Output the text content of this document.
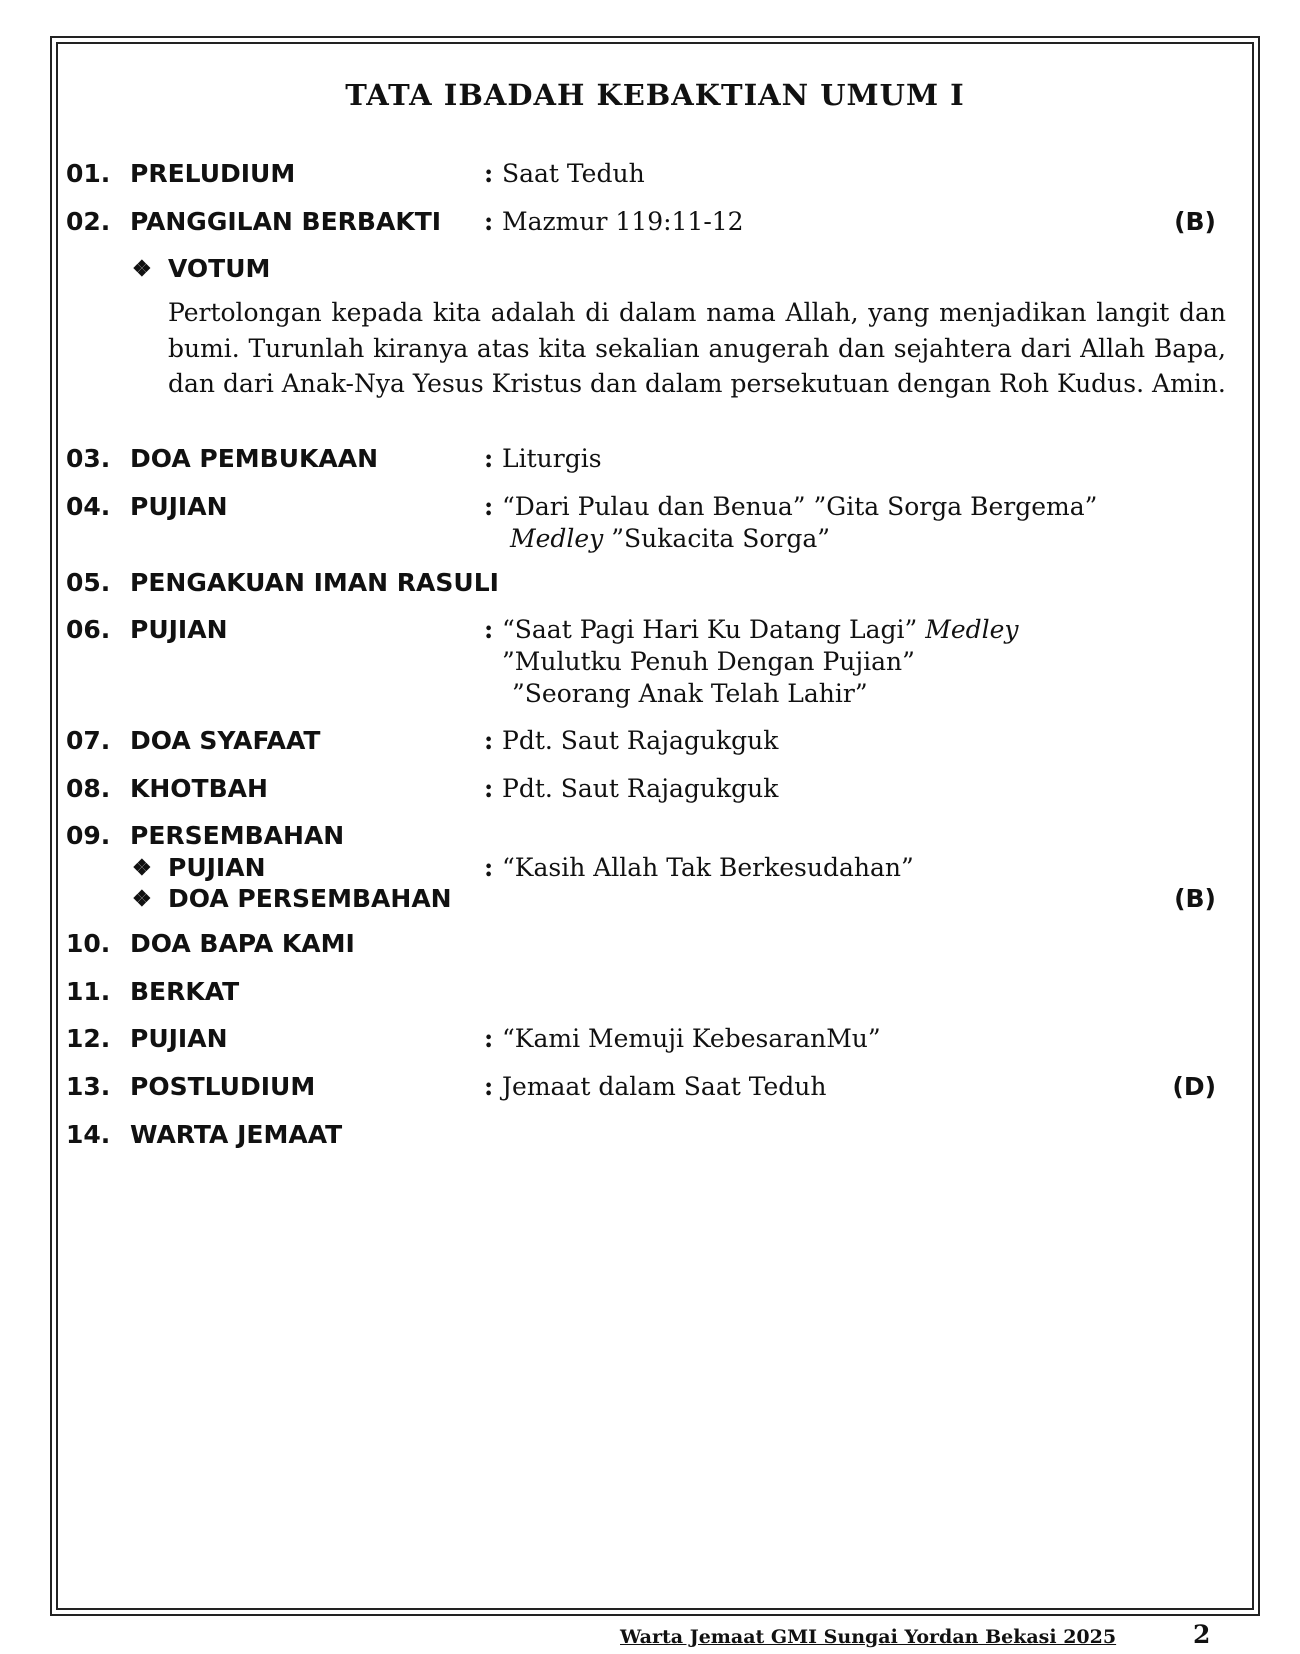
TATA IBADAH KEBAKTIAN UMUM I
01. PRELUDIUM	: Saat Teduh
02. PANGGILAN BERBAKTI : Mazmur 119:11-12	(B)
❖ VOTUM

Pertolongan kepada kita adalah di dalam nama Allah, yang menjadikan langit dan bumi. Turunlah kiranya atas kita sekalian anugerah dan sejahtera dari Allah Bapa, dan dari Anak-Nya Yesus Kristus dan dalam persekutuan dengan Roh Kudus. Amin.

03. DOA PEMBUKAAN	: Liturgis
04. PUJIAN	: “Dari Pulau dan Benua” ”Gita Sorga Bergema”
Medley ”Sukacita Sorga”
05. PENGAKUAN IMAN RASULI
06. PUJIAN	: “Saat Pagi Hari Ku Datang Lagi” Medley
”Mulutku Penuh Dengan Pujian”
”Seorang Anak Telah Lahir”
07. DOA SYAFAAT	: Pdt. Saut Rajagukguk
08. KHOTBAH	: Pdt. Saut Rajagukguk
09. PERSEMBAHAN
❖ PUJIAN	: “Kasih Allah Tak Berkesudahan”
❖ DOA PERSEMBAHAN	(B)
10. DOA BAPA KAMI
11. BERKAT
12. PUJIAN	: “Kami Memuji KebesaranMu”
13. POSTLUDIUM	: Jemaat dalam Saat Teduh	(D)
14. WARTA JEMAAT
Warta Jemaat GMI Sungai Yordan Bekasi 2025	2
